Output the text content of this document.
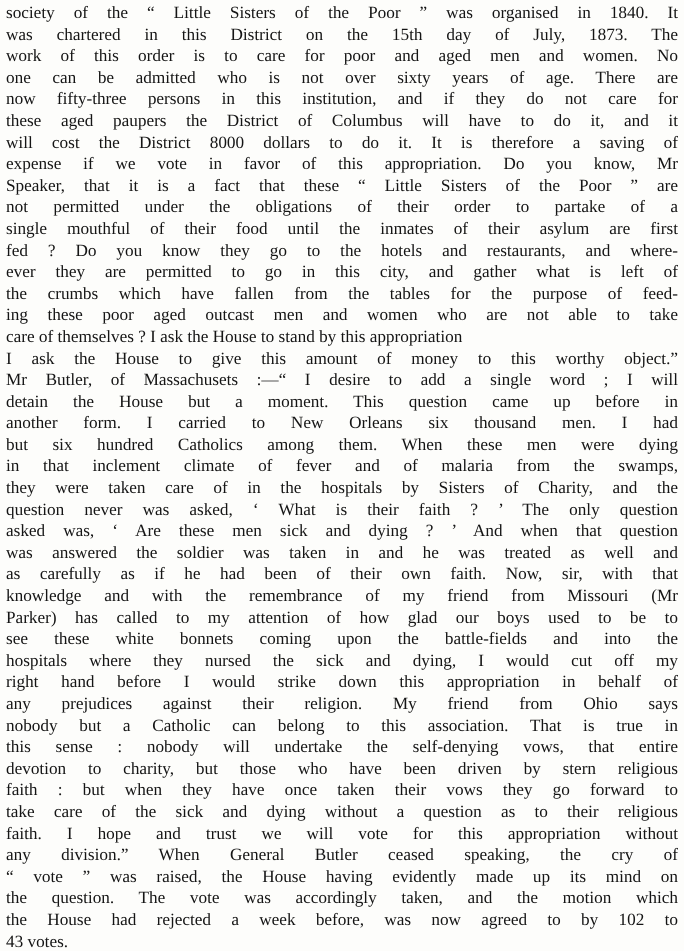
society of the “ Little Sisters of the Poor ” was organised in 1840. It
was chartered in this District on the 15th day of July, 1873. The
work of this order is to care for poor and aged men and women. No
one can be admitted who is not over sixty years of age. There are
now fifty-three persons in this institution, and if they do not care for
these aged paupers the District of Columbus will have to do it, and it
will cost the District 8000 dollars to do it. It is therefore a saving of
expense if we vote in favor of this appropriation. Do you know, Mr
Speaker, that it is a fact that these “ Little Sisters of the Poor ” are
not permitted under the obligations of their order to partake of a
single mouthful of their food until the inmates of their asylum are first
fed ? Do you know they go to the hotels and restaurants, and where-
ever they are permitted to go in this city, and gather what is left of
the crumbs which have fallen from the tables for the purpose of feed-
ing these poor aged outcast men and women who are not able to take
care of themselves ? I ask the House to stand by this appropriation
I ask the House to give this amount of money to this worthy object.”
Mr Butler, of Massachusets :—“ I desire to add a single word ; I will
detain the House but a moment. This question came up before in
another form. I carried to New Orleans six thousand men. I had
but six hundred Catholics among them. When these men were dying
in that inclement climate of fever and of malaria from the swamps,
they were taken care of in the hospitals by Sisters of Charity, and the
question never was asked, ‘ What is their faith ? ’ The only question
asked was, ‘ Are these men sick and dying ? ’ And when that question
was answered the soldier was taken in and he was treated as well and
as carefully as if he had been of their own faith. Now, sir, with that
knowledge and with the remembrance of my friend from Missouri (Mr
Parker) has called to my attention of how glad our boys used to be to
see these white bonnets coming upon the battle-fields and into the
hospitals where they nursed the sick and dying, I would cut off my
right hand before I would strike down this appropriation in behalf of
any prejudices against their religion. My friend from Ohio says
nobody but a Catholic can belong to this association. That is true in
this sense : nobody will undertake the self-denying vows, that entire
devotion to charity, but those who have been driven by stern religious
faith : but when they have once taken their vows they go forward to
take care of the sick and dying without a question as to their religious
faith. I hope and trust we will vote for this appropriation without
any division.” When General Butler ceased speaking, the cry of
“ vote ” was raised, the House having evidently made up its mind on
the question. The vote was accordingly taken, and the motion which
the House had rejected a week before, was now agreed to by 102 to
43 votes.
